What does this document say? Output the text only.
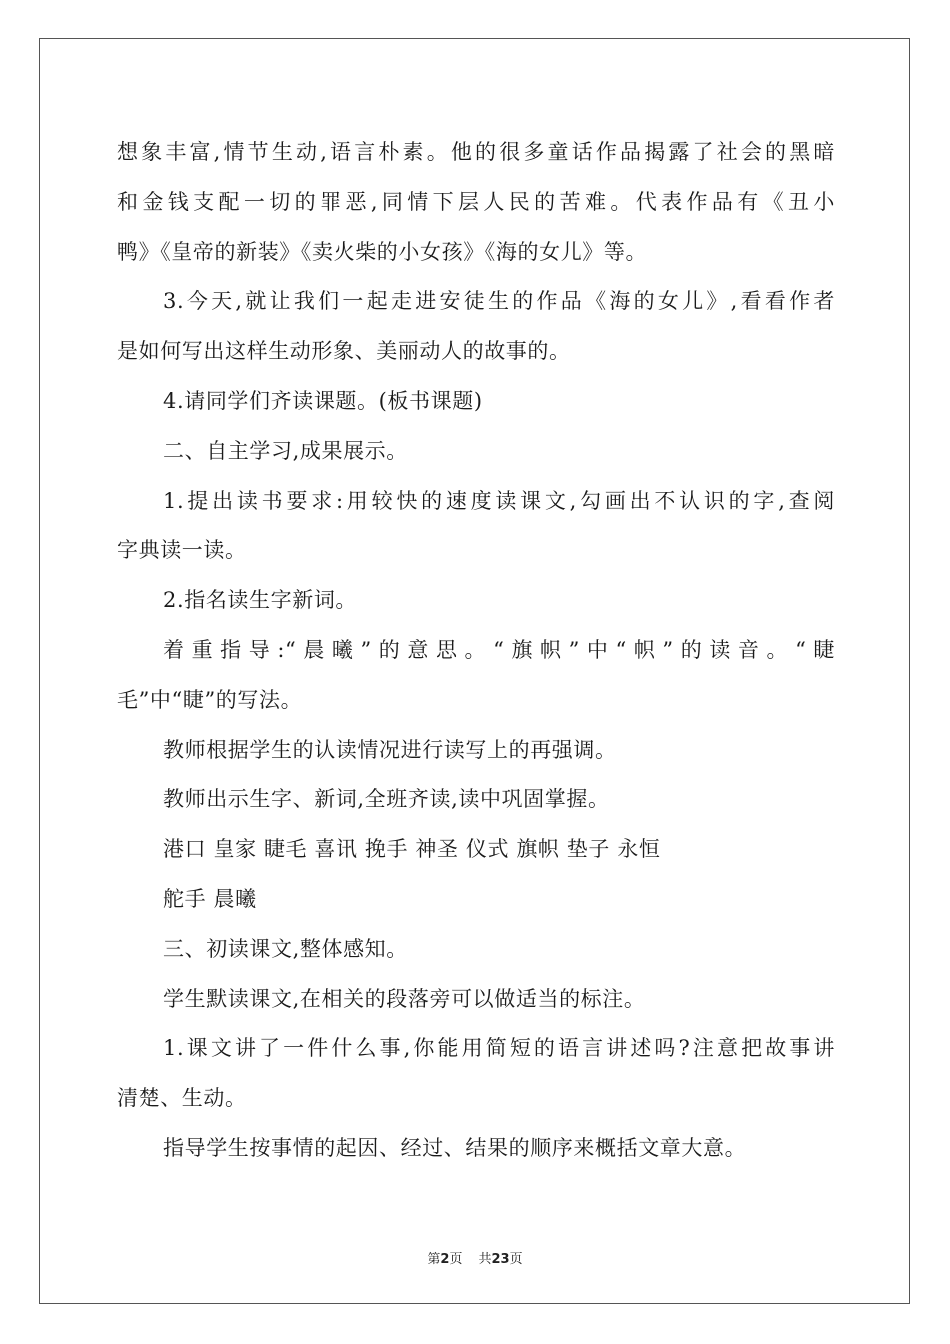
想象丰富,情节生动,语言朴素。他的很多童话作品揭露了社会的黑暗
和金钱支配一切的罪恶,同情下层人民的苦难。代表作品有《丑小
鸭》《皇帝的新装》《卖火柴的小女孩》《海的女儿》等。
3.今天,就让我们一起走进安徒生的作品《海的女儿》,看看作者
是如何写出这样生动形象、美丽动人的故事的。
4.请同学们齐读课题。(板书课题)
二、自主学习,成果展示。
1.提出读书要求:用较快的速度读课文,勾画出不认识的字,查阅
字典读一读。
2.指名读生字新词。
着重指导:“晨曦”的意思。“旗帜”中“帜”的读音。“睫
毛”中“睫”的写法。
教师根据学生的认读情况进行读写上的再强调。
教师出示生字、新词,全班齐读,读中巩固掌握。
港口 皇家 睫毛 喜讯 挽手 神圣 仪式 旗帜 垫子 永恒
舵手 晨曦
三、初读课文,整体感知。
学生默读课文,在相关的段落旁可以做适当的标注。
1.课文讲了一件什么事,你能用简短的语言讲述吗?注意把故事讲
清楚、生动。
指导学生按事情的起因、经过、结果的顺序来概括文章大意。
第2页 共23页
